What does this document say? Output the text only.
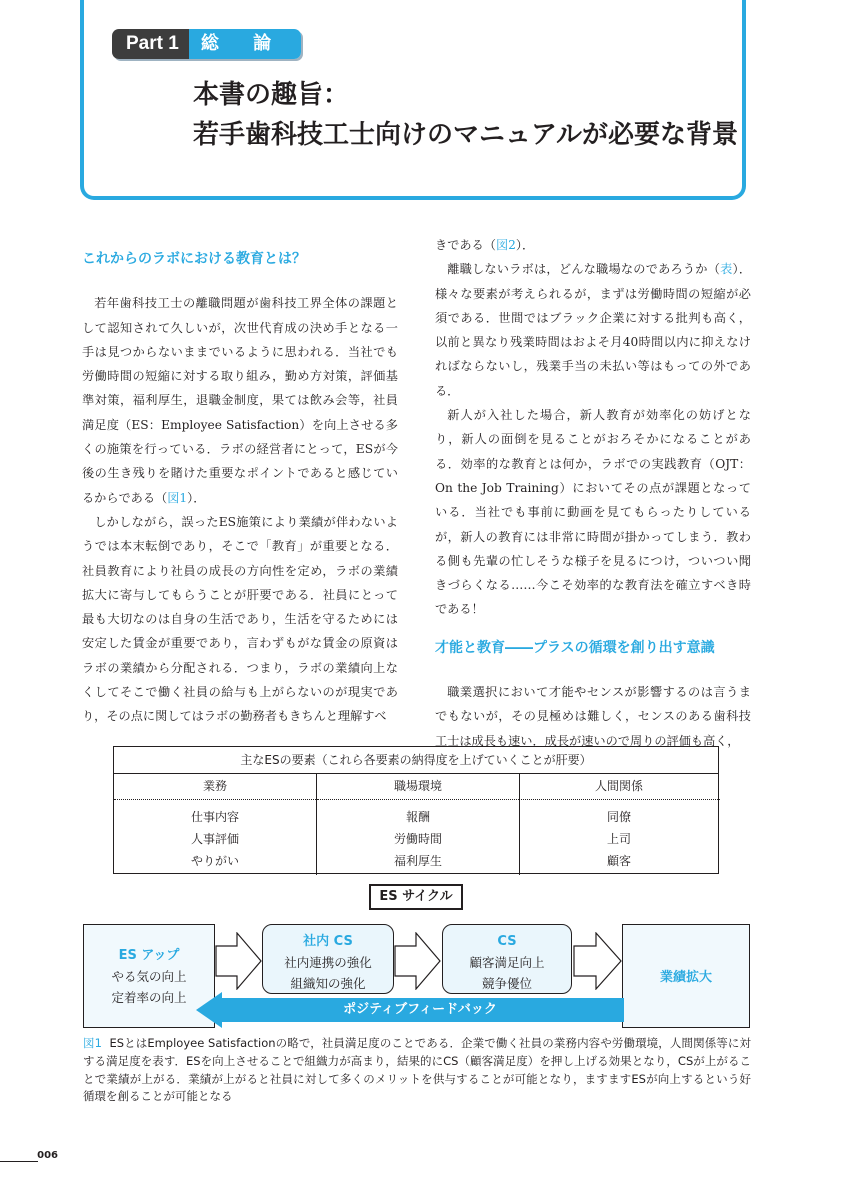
Part 1	総 論
本書の趣旨：
若手歯科技工士向けのマニュアルが必要な背景
これからのラボにおける教育とは？

若年歯科技工士の離職問題が歯科技工界全体の課題として認知されて久しいが，次世代育成の決め手となる一手は見つからないままでいるように思われる．当社でも労働時間の短縮に対する取り組み，勤め方対策，評価基準対策，福利厚生，退職金制度，果ては飲み会等，社員満足度（ES：Employee Satisfaction）を向上させる多くの施策を行っている．ラボの経営者にとって，ESが今後の生き残りを賭けた重要なポイントであると感じているからである（図1）．

しかしながら，誤ったES施策により業績が伴わないようでは本末転倒であり，そこで「教育」が重要となる．社員教育により社員の成長の方向性を定め，ラボの業績拡大に寄与してもらうことが肝要である．社員にとって最も大切なのは自身の生活であり，生活を守るためには安定した賃金が重要であり，言わずもがな賃金の原資はラボの業績から分配される．つまり，ラボの業績向上なくしてそこで働く社員の給与も上がらないのが現実であり，その点に関してはラボの勤務者もきちんと理解すべ

きである（図2）．

離職しないラボは，どんな職場なのであろうか（表）．様々な要素が考えられるが，まずは労働時間の短縮が必須である．世間ではブラック企業に対する批判も高く，以前と異なり残業時間はおよそ月40時間以内に抑えなければならないし，残業手当の未払い等はもっての外である．

新人が入社した場合，新人教育が効率化の妨げとなり，新人の面倒を見ることがおろそかになることがある．効率的な教育とは何か，ラボでの実践教育（OJT：On the Job Training）においてその点が課題となっている．当社でも事前に動画を見てもらったりしているが，新人の教育には非常に時間が掛かってしまう．教わる側も先輩の忙しそうな様子を見るにつけ，ついつい聞きづらくなる……今こそ効率的な教育法を確立すべき時である！

才能と教育――プラスの循環を創り出す意識

職業選択において才能やセンスが影響するのは言うまでもないが，その見極めは難しく，センスのある歯科技工士は成長も速い．成長が速いので周りの評価も高く，

主なESの要素（これら各要素の納得度を上げていくことが肝要）
業務
仕事内容
人事評価
やりがい
職場環境
報酬
労働時間
福利厚生
人間関係
同僚
上司
顧客
ES サイクル
ES アップ
やる気の向上
定着率の向上
社内 CS
社内連携の強化
組織知の強化
CS
顧客満足向上
競争優位	業績拡大
ポジティブフィードバック
図1 ESとはEmployee Satisfactionの略で，社員満足度のことである．企業で働く社員の業務内容や労働環境，人間関係等に対する満足度を表す．ESを向上させることで組織力が高まり，結果的にCS（顧客満足度）を押し上げる効果となり，CSが上がることで業績が上がる．業績が上がると社員に対して多くのメリットを供与することが可能となり，ますますESが向上するという好循環を創ることが可能となる
006
